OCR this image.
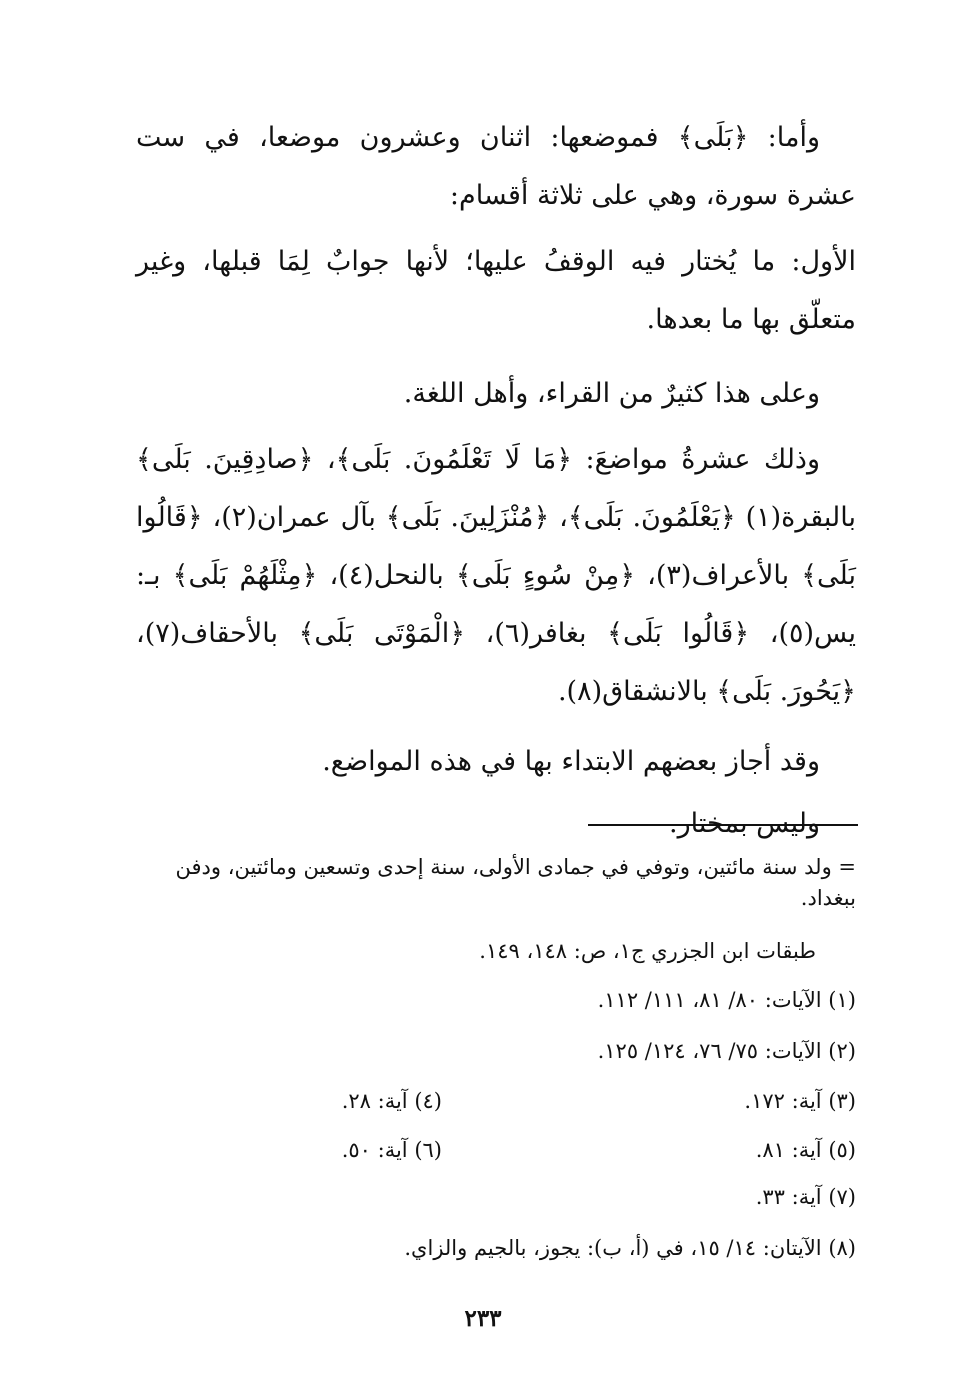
وأما: ﴿بَلَى﴾ فموضعها: اثنان وعشرون موضعا، في ست عشرة سورة، وهي على ثلاثة أقسام:

الأول: ما يُختار فيه الوقفُ عليها؛ لأنها جوابٌ لِمَا قبلها، وغير متعلّق بها ما بعدها.

وعلى هذا كثيرٌ من القراء، وأهل اللغة.

وذلك عشرةُ مواضعَ: ﴿مَا لَا تَعْلَمُونَ. بَلَى﴾، ﴿صادِقِينَ. بَلَى﴾ بالبقرة(١) ﴿يَعْلَمُونَ. بَلَى﴾، ﴿مُنْزَلِينَ. بَلَى﴾ بآل عمران(٢)، ﴿قَالُوا بَلَى﴾ بالأعراف(٣)، ﴿مِنْ سُوءٍ بَلَى﴾ بالنحل(٤)، ﴿مِثْلَهُمْ بَلَى﴾ بـ: يس(٥)، ﴿قَالُوا بَلَى﴾ بغافر(٦)، ﴿الْمَوْتَى بَلَى﴾ بالأحقاف(٧)، ﴿يَحُورَ. بَلَى﴾ بالانشقاق(٨).

وقد أجاز بعضهم الابتداء بها في هذه المواضع.

وليس بمختار.

= ولد سنة مائتين، وتوفي في جمادى الأولى، سنة إحدى وتسعين ومائتين، ودفن ببغداد.
طبقات ابن الجزري ج١، ص: ١٤٨، ١٤٩.
(١) الآيات: ٨٠/ ٨١، ١١١/ ١١٢.
(٢) الآيات: ٧٥/ ٧٦، ١٢٤/ ١٢٥.
(٣) آية: ١٧٢.
(٤) آية: ٢٨.
(٥) آية: ٨١.
(٦) آية: ٥٠.
(٧) آية: ٣٣.
(٨) الآيتان: ١٤/ ١٥، في (أ، ب): يجوز، بالجيم والزاي.
٢٣٣
